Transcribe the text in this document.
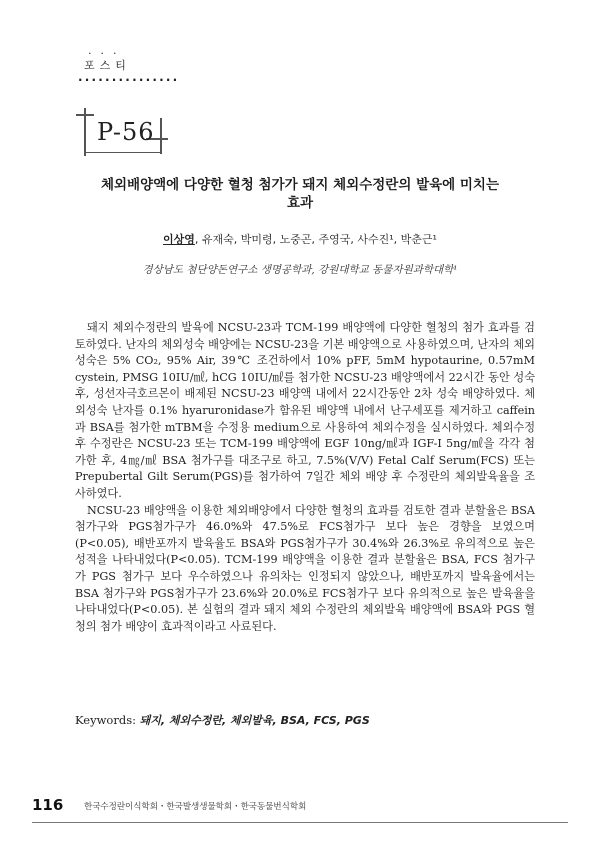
...
포스티
...............
P-56
체외배양액에 다양한 혈청 첨가가 돼지 체외수정란의 발육에 미치는
효과
이상영, 유재숙, 박미령, 노중곤, 주영국, 사수진¹, 박춘근¹
경상남도 첨단양돈연구소 생명공학과, 강원대학교 동물자원과학대학¹

돼지 체외수정란의 발육에 NCSU-23과 TCM-199 배양액에 다양한 혈청의 첨가 효과를 검토하였다. 난자의 체외성숙 배양에는 NCSU-23을 기본 배양액으로 사용하였으며, 난자의 체외성숙은 5% CO₂, 95% Air, 39℃ 조건하에서 10% pFF, 5mM hypotaurine, 0.57mM cystein, PMSG 10IU/㎖, hCG 10IU/㎖를 첨가한 NCSU-23 배양액에서 22시간 동안 성숙 후, 성선자극호르몬이 배제된 NCSU-23 배양액 내에서 22시간동안 2차 성숙 배양하였다. 체외성숙 난자를 0.1% hyaruronidase가 함유된 배양액 내에서 난구세포를 제거하고 caffein과 BSA를 첨가한 mTBM을 수정용 medium으로 사용하여 체외수정을 실시하였다. 체외수정 후 수정란은 NCSU-23 또는 TCM-199 배양액에 EGF 10ng/㎖과 IGF-I 5ng/㎖을 각각 첨가한 후, 4㎎/㎖ BSA 첨가구를 대조구로 하고, 7.5%(V/V) Fetal Calf Serum(FCS) 또는 Prepubertal Gilt Serum(PGS)를 첨가하여 7일간 체외 배양 후 수정란의 체외발육율을 조사하였다.

NCSU-23 배양액을 이용한 체외배양에서 다양한 혈청의 효과를 검토한 결과 분할율은 BSA첨가구와 PGS첨가구가 46.0%와 47.5%로 FCS첨가구 보다 높은 경향을 보였으며(P<0.05), 배반포까지 발육율도 BSA와 PGS첨가구가 30.4%와 26.3%로 유의적으로 높은 성적을 나타내었다(P<0.05). TCM-199 배양액을 이용한 결과 분할율은 BSA, FCS 첨가구가 PGS 첨가구 보다 우수하였으나 유의차는 인정되지 않았으나, 배반포까지 발육율에서는 BSA 첨가구와 PGS첨가구가 23.6%와 20.0%로 FCS첨가구 보다 유의적으로 높은 발육율을 나타내었다(P<0.05). 본 실험의 결과 돼지 체외 수정란의 체외발육 배양액에 BSA와 PGS 혈청의 첨가 배양이 효과적이라고 사료된다.

Keywords: 돼지, 체외수정란, 체외발육, BSA, FCS, PGS
116 한국수정란이식학회・한국발생생물학회・한국동물번식학회
